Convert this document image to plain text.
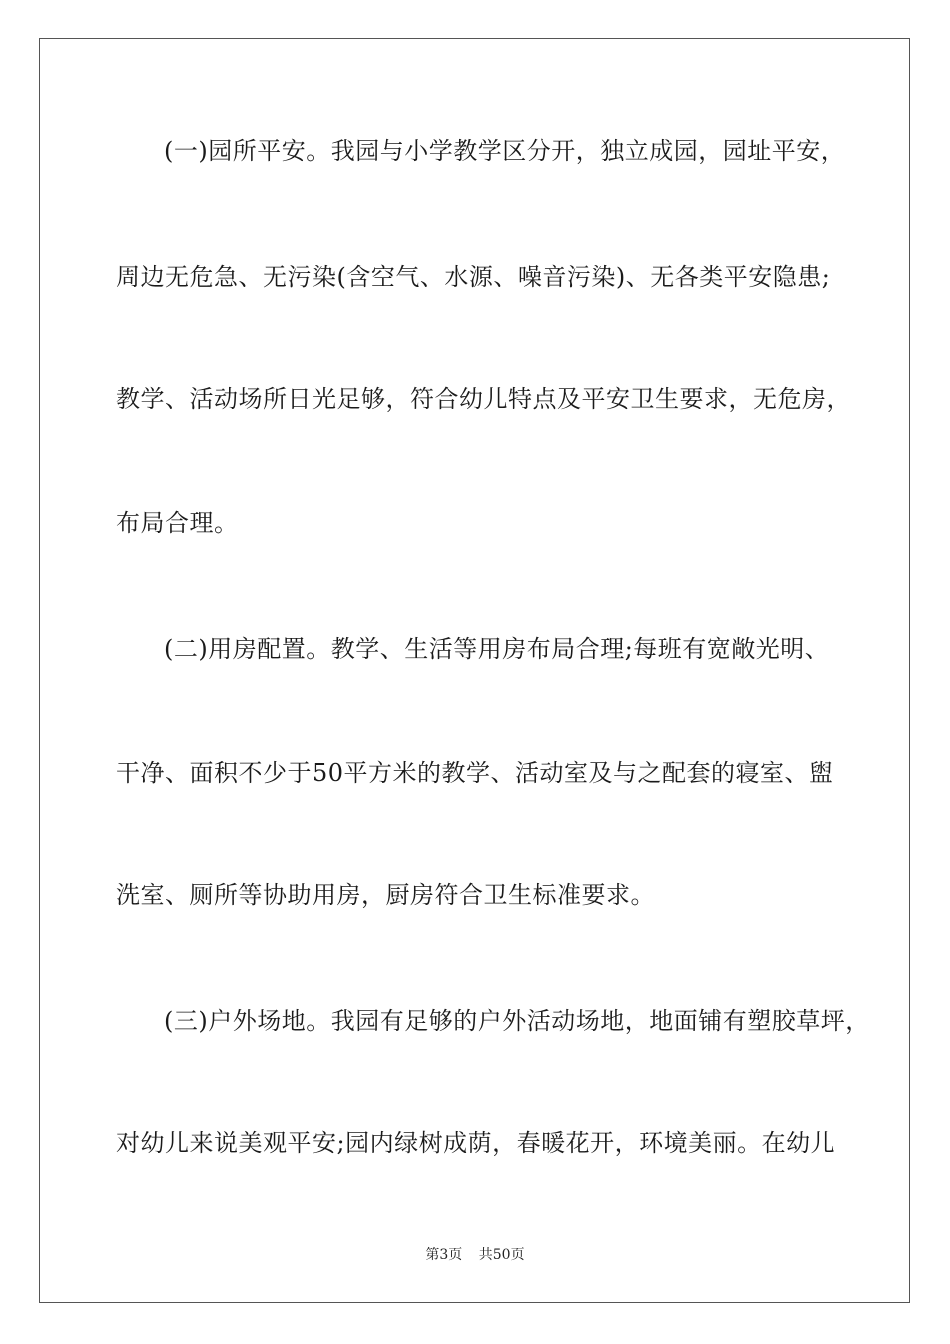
(一)园所平安。我园与小学教学区分开，独立成园，园址平安，
周边无危急、无污染(含空气、水源、噪音污染)、无各类平安隐患;
教学、活动场所日光足够，符合幼儿特点及平安卫生要求，无危房，
布局合理。
(二)用房配置。教学、生活等用房布局合理;每班有宽敞光明、
干净、面积不少于50平方米的教学、活动室及与之配套的寝室、盥
洗室、厕所等协助用房，厨房符合卫生标准要求。
(三)户外场地。我园有足够的户外活动场地，地面铺有塑胶草坪，
对幼儿来说美观平安;园内绿树成荫，春暖花开，环境美丽。在幼儿
第3页 共50页
